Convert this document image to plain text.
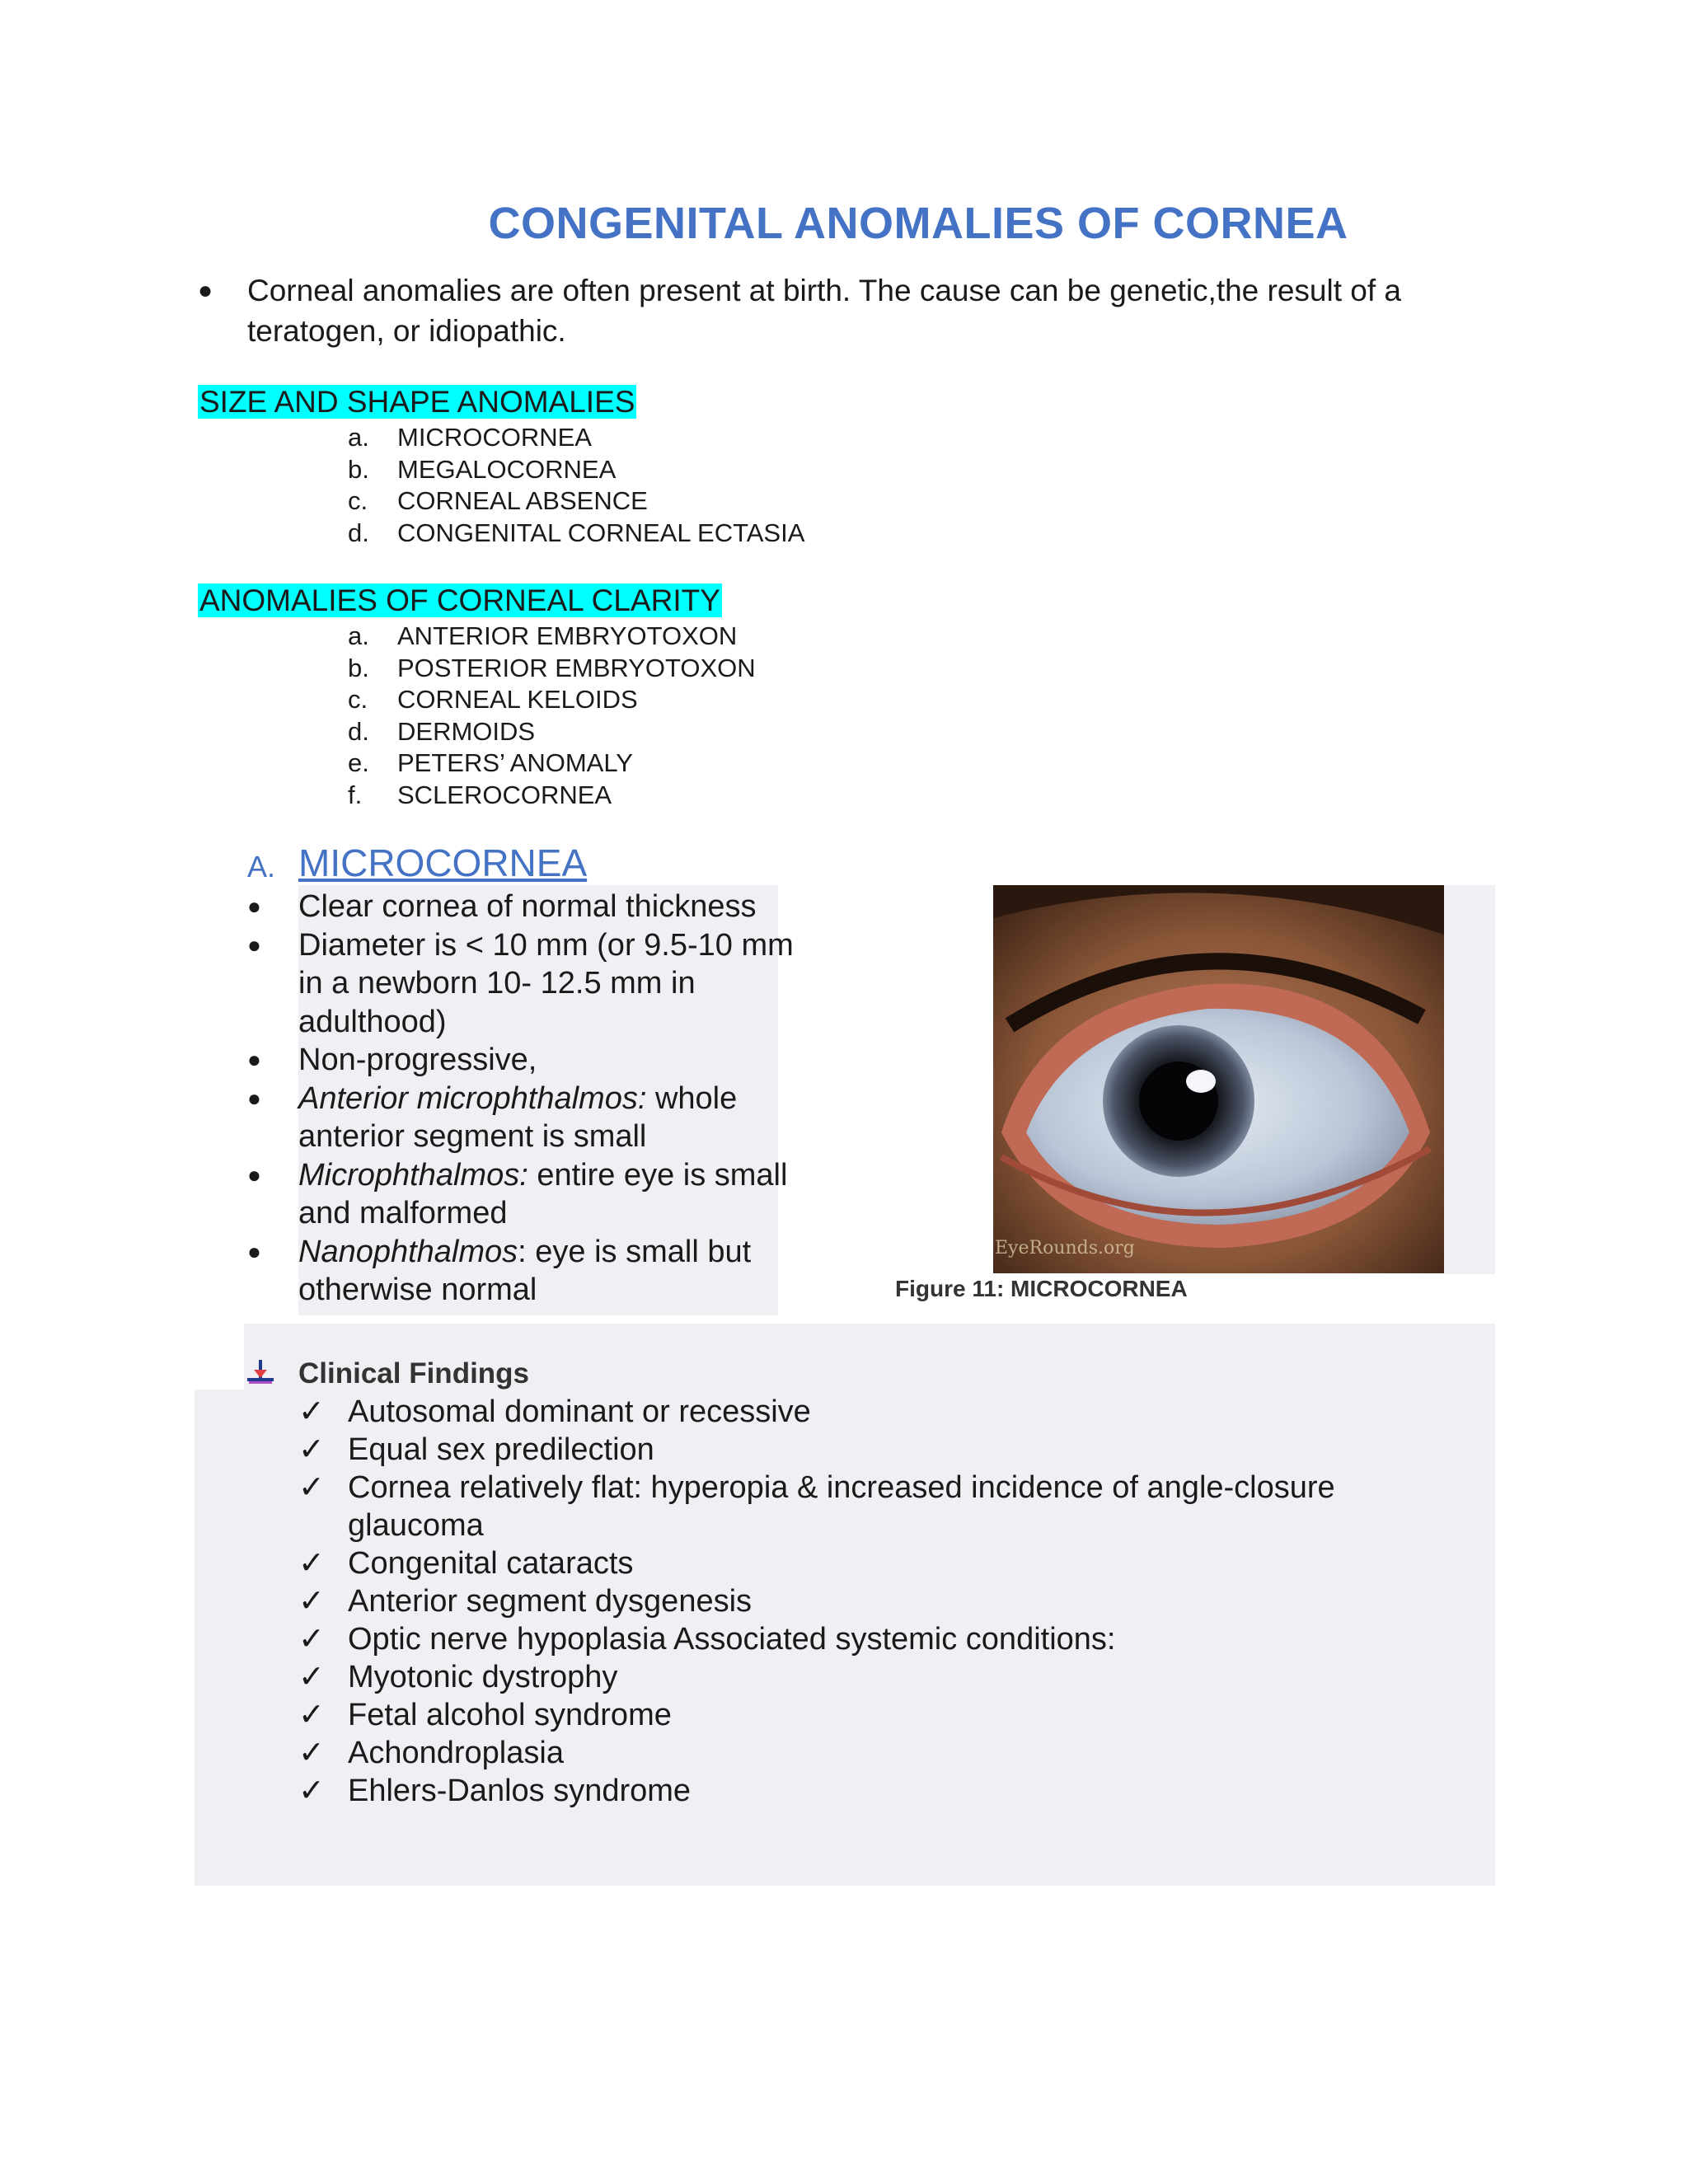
CONGENITAL ANOMALIES OF CORNEA
● Corneal anomalies are often present at birth. The cause can be genetic,the result of a teratogen, or idiopathic.
SIZE AND SHAPE ANOMALIES
a.	MICROCORNEA
b.	MEGALOCORNEA
c.	CORNEAL ABSENCE
d.	CONGENITAL CORNEAL ECTASIA
ANOMALIES OF CORNEAL CLARITY
a.	ANTERIOR EMBRYOTOXON
b.	POSTERIOR EMBRYOTOXON
c.	CORNEAL KELOIDS
d.	DERMOIDS
e.	PETERS’ ANOMALY
f.	SCLEROCORNEA
A. MICROCORNEA
● Clear cornea of normal thickness
● Diameter is < 10 mm (or 9.5-10 mm in a newborn 10- 12.5 mm in adulthood)
● Non-progressive,
● Anterior microphthalmos: whole anterior segment is small
● Microphthalmos: entire eye is small and malformed
● Nanophthalmos: eye is small but otherwise normal
EyeRounds.org
Figure 11: MICROCORNEA
Clinical Findings
✓ Autosomal dominant or recessive
✓ Equal sex predilection
✓ Cornea relatively flat: hyperopia & increased incidence of angle-closure glaucoma
✓ Congenital cataracts
✓ Anterior segment dysgenesis
✓ Optic nerve hypoplasia Associated systemic conditions:
✓ Myotonic dystrophy
✓ Fetal alcohol syndrome
✓ Achondroplasia
✓ Ehlers-Danlos syndrome
